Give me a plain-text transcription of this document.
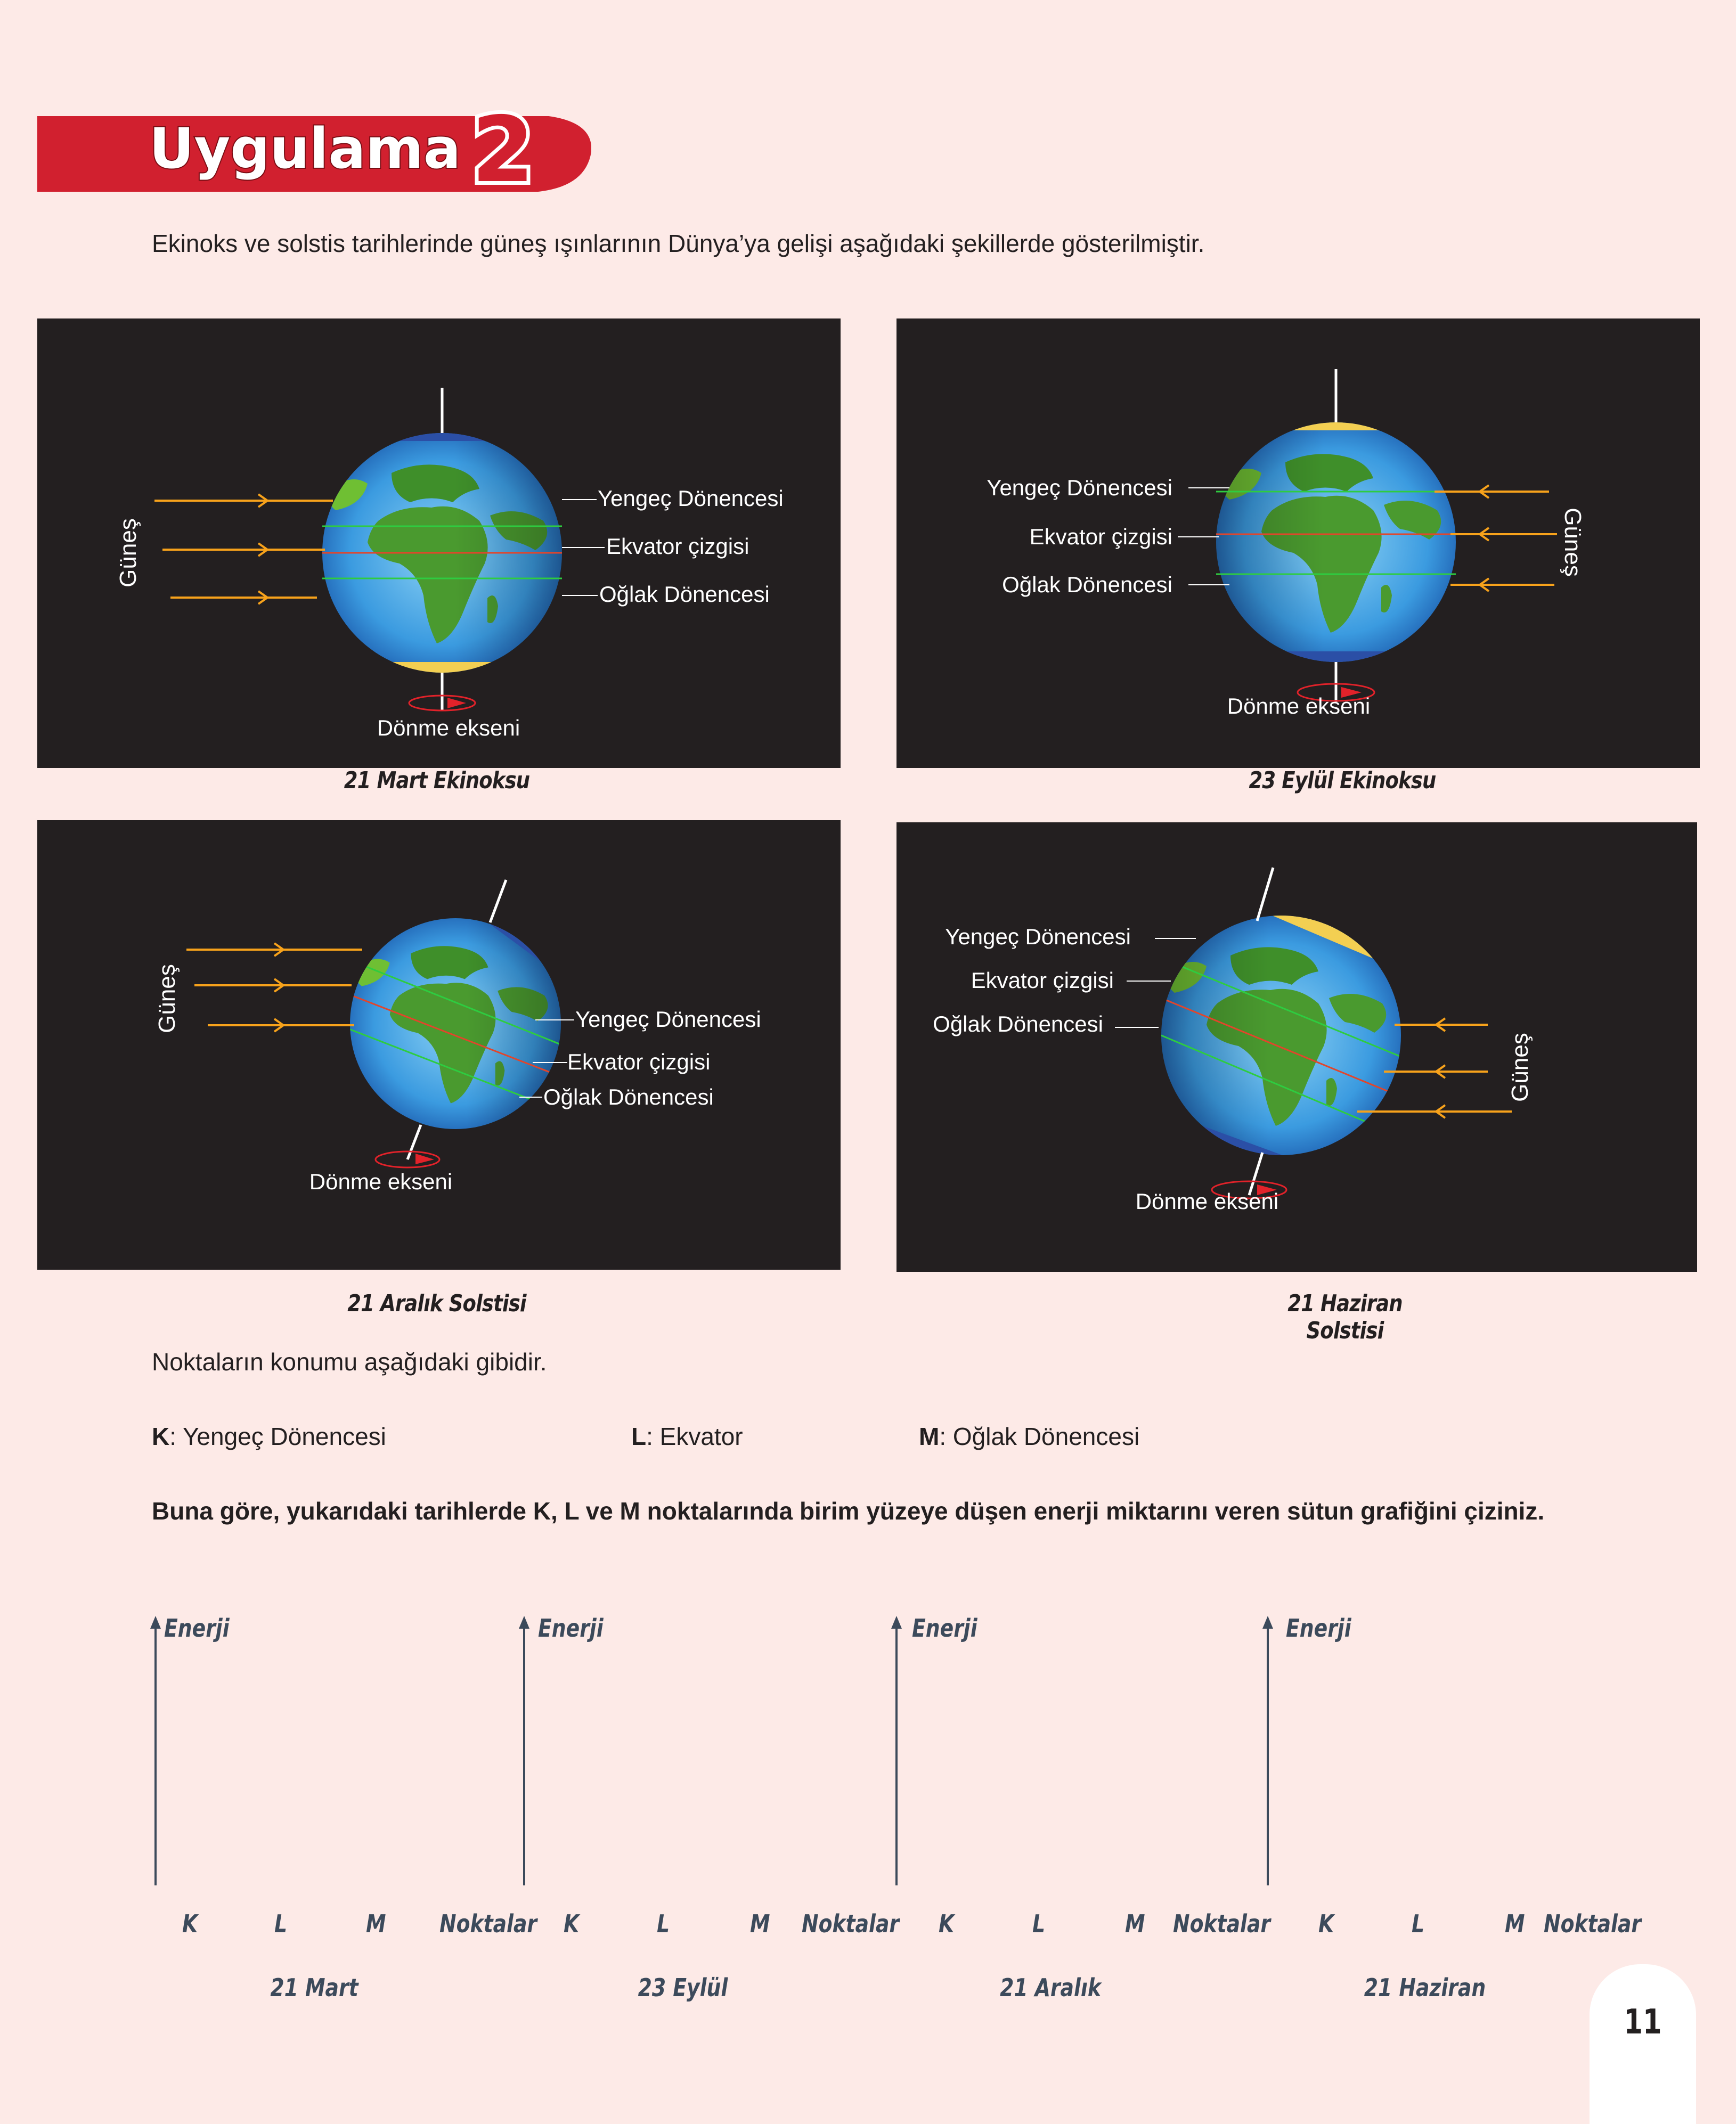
Uygulama 2
Ekinoks ve solstis tarihlerinde güneş ışınlarının Dünya’ya gelişi aşağıdaki şekillerde gösterilmiştir.
Yengeç Dönencesi
Ekvator çizgisi
Oğlak Dönencesi
Dönme ekseni
Güneş
21 Mart Ekinoksu
Yengeç Dönencesi
Ekvator çizgisi
Oğlak Dönencesi
Dönme ekseni
Güneş
23 Eylül Ekinoksu
Yengeç Dönencesi
Ekvator çizgisi
Oğlak Dönencesi
Dönme ekseni
Güneş
21 Aralık Solstisi
Yengeç Dönencesi
Ekvator çizgisi
Oğlak Dönencesi
Dönme ekseni
Güneş
21 Haziran Solstisi
Noktaların konumu aşağıdaki gibidir.
K: Yengeç Dönencesi	L: Ekvator	M: Oğlak Dönencesi
Buna göre, yukarıdaki tarihlerde K, L ve M noktalarında birim yüzeye düşen enerji miktarını veren sütun grafiğini çiziniz.
Enerji	Enerji	Enerji	Enerji
K	L	M Noktalar K	L	M Noktalar K	L	M Noktalar K	L	M Noktalar
21 Mart	23 Eylül	21 Aralık	21 Haziran
11
